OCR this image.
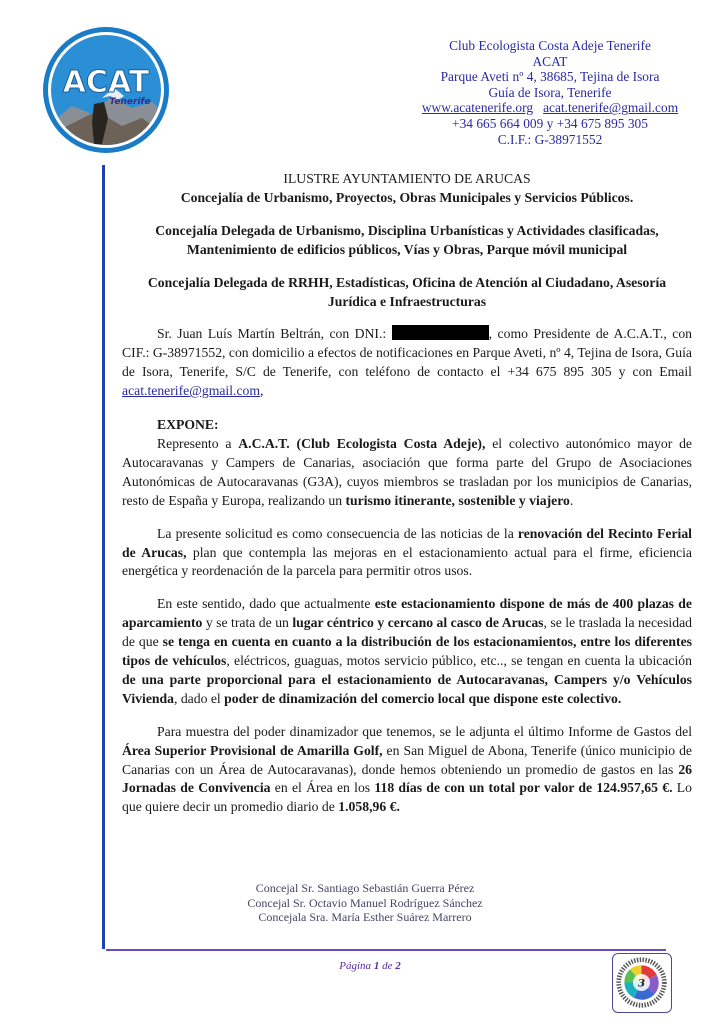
ACAT
Tenerife
Club Ecologista Costa Adeje Tenerife
ACAT
Parque Aveti nº 4, 38685, Tejina de Isora
Guía de Isora, Tenerife
www.acatenerife.org acat.tenerife@gmail.com
+34 665 664 009 y +34 675 895 305
C.I.F.: G-38971552
ILUSTRE AYUNTAMIENTO DE ARUCAS
Concejalía de Urbanismo, Proyectos, Obras Municipales y Servicios Públicos.
Concejalía Delegada de Urbanismo, Disciplina Urbanísticas y Actividades clasificadas,
Mantenimiento de edificios públicos, Vías y Obras, Parque móvil municipal
Concejalía Delegada de RRHH, Estadísticas, Oficina de Atención al Ciudadano, Asesoría
Jurídica e Infraestructuras

Sr. Juan Luís Martín Beltrán, con DNI.:	, como Presidente de A.C.A.T., con CIF.: G-38971552, con domicilio a efectos de notificaciones en Parque Aveti, nº 4, Tejina de Isora, Guía de Isora, Tenerife, S/C de Tenerife, con teléfono de contacto el +34 675 895 305 y con Email acat.tenerife@gmail.com,

EXPONE:

Represento a A.C.A.T. (Club Ecologista Costa Adeje), el colectivo autonómico mayor de Autocaravanas y Campers de Canarias, asociación que forma parte del Grupo de Asociaciones Autonómicas de Autocaravanas (G3A), cuyos miembros se trasladan por los municipios de Canarias, resto de España y Europa, realizando un turismo itinerante, sostenible y viajero.

La presente solicitud es como consecuencia de las noticias de la renovación del Recinto Ferial de Arucas, plan que contempla las mejoras en el estacionamiento actual para el firme, eficiencia energética y reordenación de la parcela para permitir otros usos.

En este sentido, dado que actualmente este estacionamiento dispone de más de 400 plazas de aparcamiento y se trata de un lugar céntrico y cercano al casco de Arucas, se le traslada la necesidad de que se tenga en cuenta en cuanto a la distribución de los estacionamientos, entre los diferentes tipos de vehículos, eléctricos, guaguas, motos servicio público, etc.., se tengan en cuenta la ubicación de una parte proporcional para el estacionamiento de Autocaravanas, Campers y/o Vehículos Vivienda, dado el poder de dinamización del comercio local que dispone este colectivo.

Para muestra del poder dinamizador que tenemos, se le adjunta el último Informe de Gastos del Área Superior Provisional de Amarilla Golf, en San Miguel de Abona, Tenerife (único municipio de Canarias con un Área de Autocaravanas), donde hemos obteniendo un promedio de gastos en las 26 Jornadas de Convivencia en el Área en los 118 días de con un total por valor de 124.957,65 €. Lo que quiere decir un promedio diario de 1.058,96 €.

Concejal Sr. Santiago Sebastián Guerra Pérez
Concejal Sr. Octavio Manuel Rodríguez Sánchez
Concejala Sra. María Esther Suárez Marrero
Página 1 de 2
3
